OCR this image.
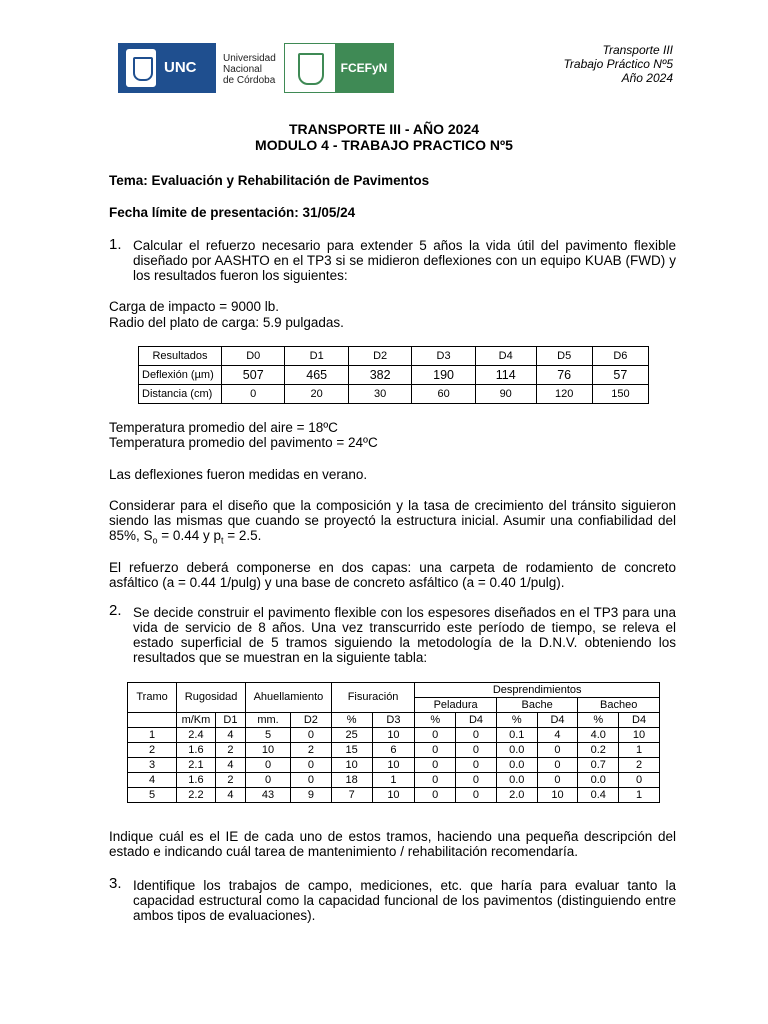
UNC
Universidad
Nacional
de Córdoba
FCEFyN
Transporte III
Trabajo Práctico Nº5
Año 2024
TRANSPORTE III - AÑO 2024
MODULO 4 - TRABAJO PRACTICO Nº5
Tema: Evaluación y Rehabilitación de Pavimentos
Fecha límite de presentación: 31/05/24
1. Calcular el refuerzo necesario para extender 5 años la vida útil del pavimento flexible diseñado por AASHTO en el TP3 si se midieron deflexiones con un equipo KUAB (FWD) y los resultados fueron los siguientes:
Carga de impacto = 9000 lb.
Radio del plato de carga: 5.9 pulgadas.
Resultados	D0	D1	D2	D3	D4	D5	D6
Deflexión (µm)	507	465	382	190	114	76	57
Distancia (cm)	0	20	30	60	90	120	150
Temperatura promedio del aire = 18ºC
Temperatura promedio del pavimento = 24ºC
Las deflexiones fueron medidas en verano.
Considerar para el diseño que la composición y la tasa de crecimiento del tránsito siguieron siendo las mismas que cuando se proyectó la estructura inicial. Asumir una confiabilidad del 85%, $S_o = 0.44$ y $p_t = 2.5$.
El refuerzo deberá componerse en dos capas: una carpeta de rodamiento de concreto asfáltico (a = 0.44 1/pulg) y una base de concreto asfáltico (a = 0.40 1/pulg).
2. Se decide construir el pavimento flexible con los espesores diseñados en el TP3 para una vida de servicio de 8 años. Una vez transcurrido este período de tiempo, se releva el estado superficial de 5 tramos siguiendo la metodología de la D.N.V. obteniendo los resultados que se muestran en la siguiente tabla:
Tramo	Rugosidad		Ahuellamiento		Fisuración		Desprendimientos					
							Peladura		Bache		Bacheo	
	m/Km	D1	mm.	D2	%	D3	%	D4	%	D4	%	D4
1	2.4	4	5	0	25	10	0	0	0.1	4	4.0	10
2	1.6	2	10	2	15	6	0	0	0.0	0	0.2	1
3	2.1	4	0	0	10	10	0	0	0.0	0	0.7	2
4	1.6	2	0	0	18	1	0	0	0.0	0	0.0	0
5	2.2	4	43	9	7	10	0	0	2.0	10	0.4	1
Indique cuál es el IE de cada uno de estos tramos, haciendo una pequeña descripción del estado e indicando cuál tarea de mantenimiento / rehabilitación recomendaría.
3. Identifique los trabajos de campo, mediciones, etc. que haría para evaluar tanto la capacidad estructural como la capacidad funcional de los pavimentos (distinguiendo entre ambos tipos de evaluaciones).
